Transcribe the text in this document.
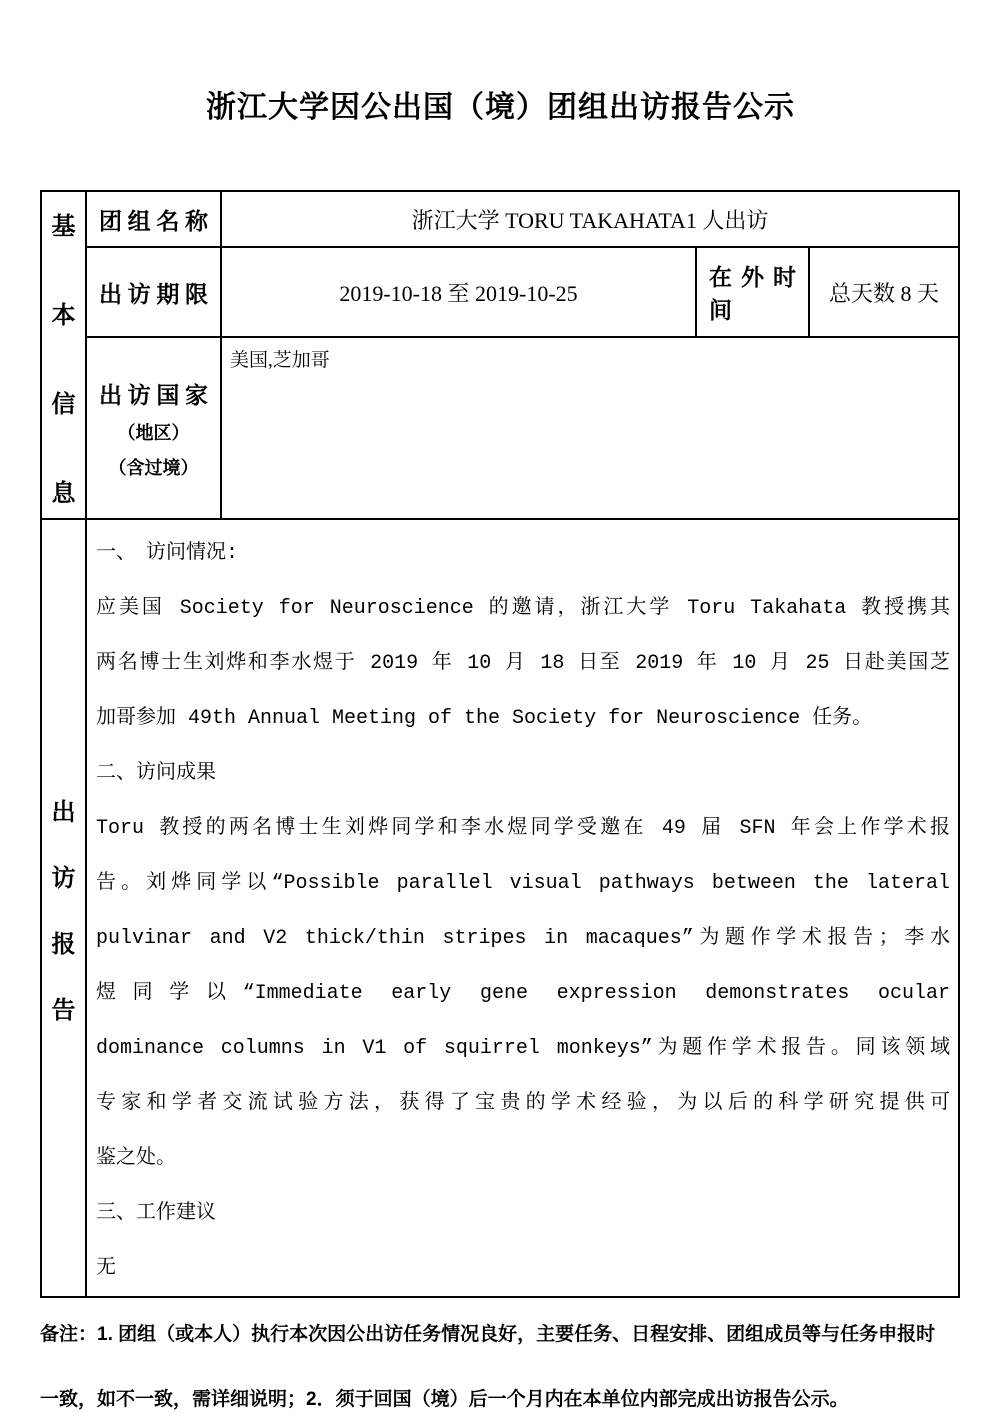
浙江大学因公出国（境）团组出访报告公示
基
本
信
息
团组名称	浙江大学 TORU TAKAHATA1 人出访
出访期限	2019-10-18 至 2019-10-25
在外时间
总天数 8 天
出访国家
（地区）
（含过境）
美国,芝加哥
出
访
报
告
一、　访问情况:
应美国 Society for Neuroscience 的邀请，浙江大学 Toru Takahata 教授携其
两名博士生刘烨和李水煜于 2019 年 10 月 18 日至 2019 年 10 月 25 日赴美国芝
加哥参加 49th Annual Meeting of the Society for Neuroscience 任务。
二、访问成果
Toru 教授的两名博士生刘烨同学和李水煜同学受邀在 49 届 SFN 年会上作学术报
告。刘烨同学以“Possible parallel visual pathways between the lateral
pulvinar and V2 thick/thin stripes in macaques”为题作学术报告；李水
煜同学以“Immediate early gene expression demonstrates ocular
dominance columns in V1 of squirrel monkeys”为题作学术报告。同该领域
专家和学者交流试验方法，获得了宝贵的学术经验，为以后的科学研究提供可
鉴之处。
三、工作建议
无
备注：1. 团组（或本人）执行本次因公出访任务情况良好，主要任务、日程安排、团组成员等与任务申报时
一致，如不一致，需详细说明；2．须于回国（境）后一个月内在本单位内部完成出访报告公示。
